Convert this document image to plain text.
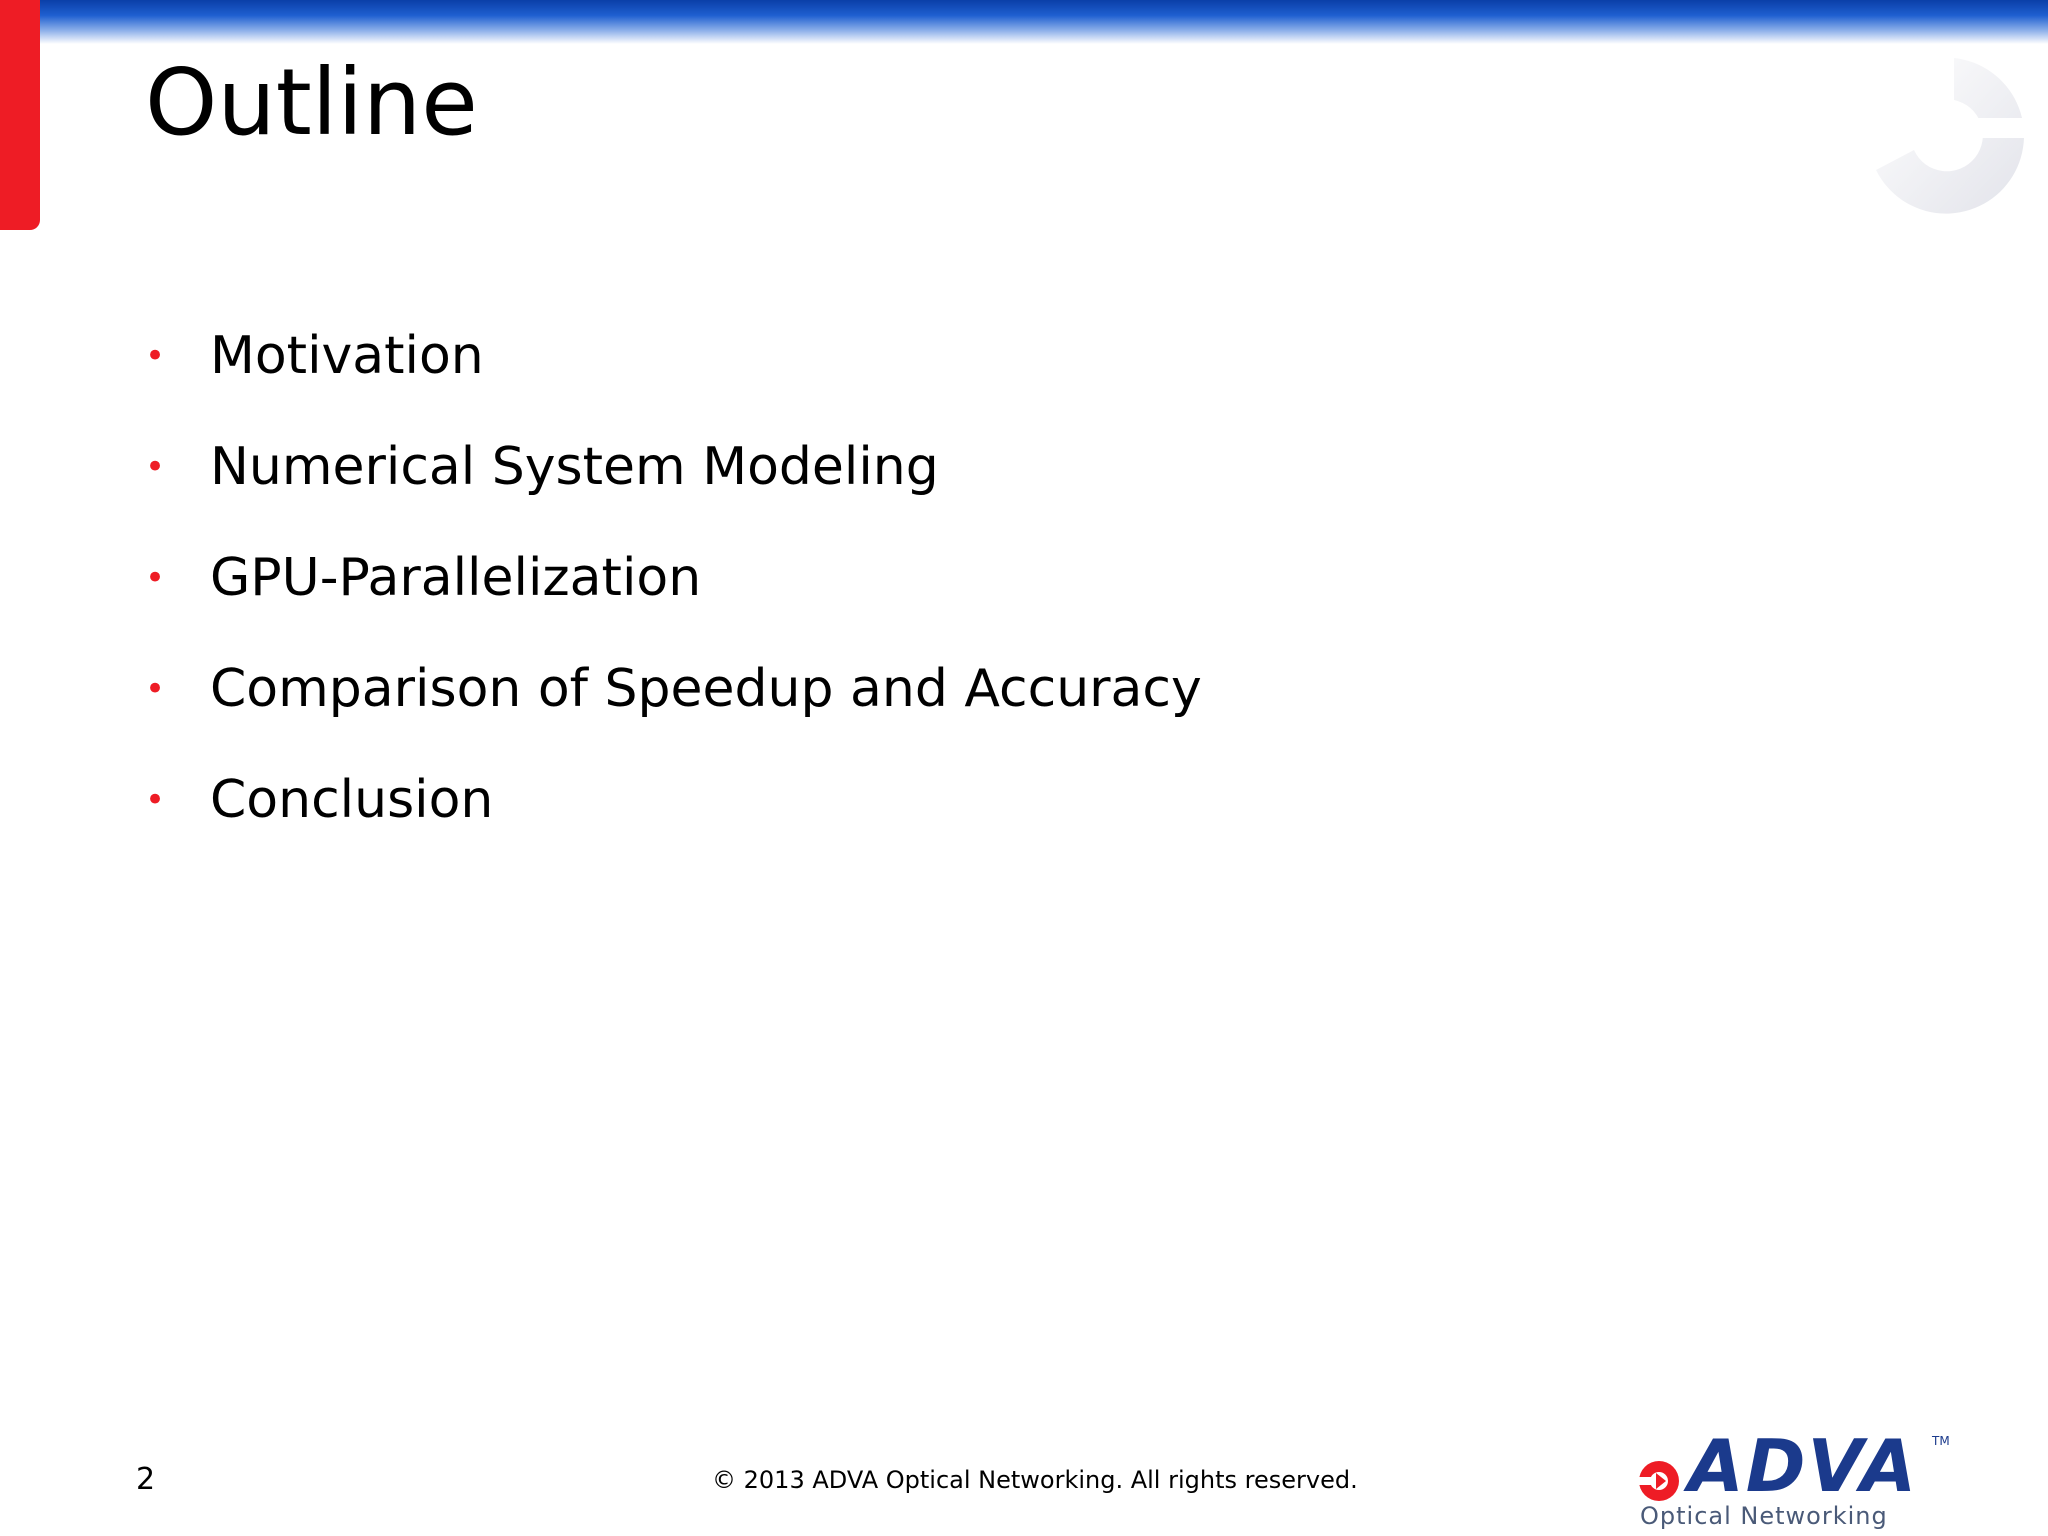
Outline
• Motivation
• Numerical System Modeling
• GPU-Parallelization
• Comparison of Speedup and Accuracy
• Conclusion
2	© 2013 ADVA Optical Networking. All rights reserved.	ADVA TM
Optical Networking
